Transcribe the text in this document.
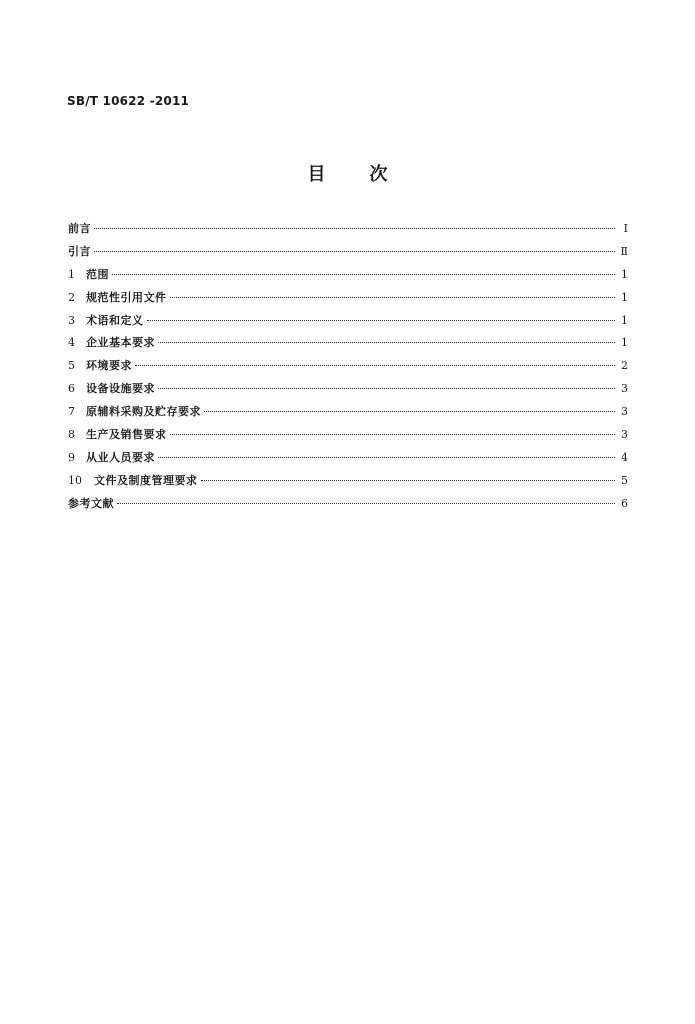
SB/T 10622 -2011
目次
前言	Ⅰ
引言	Ⅱ
1	范围	1
2	规范性引用文件	1
3	术语和定义	1
4	企业基本要求	1
5	环境要求	2
6	设备设施要求	3
7	原辅料采购及贮存要求	3
8	生产及销售要求	3
9	从业人员要求	4
10	文件及制度管理要求	5
参考文献	6
